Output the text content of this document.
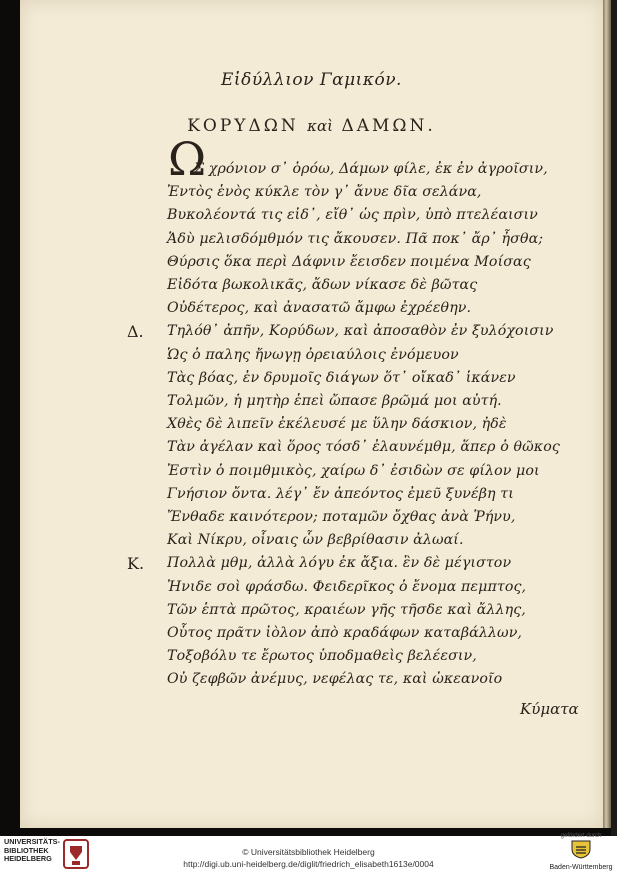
Εἰδύλλιον Γαμικόν.
ΚΟΡΥΔΩΝ καὶ ΔΑΜΩΝ.
Ω
Σ χρόνιον σ᾽ ὁρόω, Δάμων φίλε, ἐκ ἐν ἀγροῖσιν,
Ἐντὸς ἑνὸς κύκλε τὸν γ᾽ ἄνυε δῖα σελάνα,
Βυκολέοντά τις εἰδ᾽, εἴθ᾽ ὡς πρὶν, ὑπὸ πτελέαισιν
Ἁδὺ μελισδόμθμόν τις ἄκουσεν. Πᾶ ποκ᾽ ἄρ᾽ ἦσθα;
Θύρσις ὅκα περὶ Δάφνιν ἔεισδεν ποιμένα Μοίσας
Εἰδότα βωκολικᾶς, ἄδων νίκασε δὲ βῶτας
Οὐδέτερος, καὶ ἀνασατῶ ἄμφω ἐχρέεθην.
Δ. Τηλόθ᾽ ἀπῆν, Κορύδων, καὶ ἀποσαθὸν ἐν ξυλόχοισιν
Ὡς ὁ παλης ἤνωγῃ ὀρειαύλοις ἐνόμευον
Τὰς βόας, ἐν δρυμοῖς διάγων ὅτ᾽ οἴκαδ᾽ ἱκάνεν
Τολμῶν, ἡ μητὴρ ἐπεὶ ὤπασε βρῶμά μοι αὐτή.
Χθὲς δὲ λιπεῖν ἐκέλευσέ με ὕλην δάσκιον, ἠδὲ
Τὰν ἀγέλαν καὶ ὅρος τόσδ᾽ ἐλαυνέμθμ, ἅπερ ὁ θῶκος
Ἐστὶν ὁ ποιμθμικὸς, χαίρω δ᾽ ἐσιδὼν σε φίλον μοι
Γνήσιον ὄντα. λέγ᾽ ἔν ἀπεόντος ἐμεῦ ξυνέβη τι
Ἔνθαδε καινότερον; ποταμῶν ὄχθας ἀνὰ Ῥήνυ,
Καὶ Νίκρυ, οἷναις ὧν βεβρίθασιν ἀλωαί.
Κ. Πολλὰ μθμ, ἀλλὰ λόγυ ἐκ ἄξια. ἓν δὲ μέγιστον
Ἠνιδε σοὶ φράσδω. Φειδερῖκος ὁ ἔνομα πεμπτος,
Τῶν ἑπτὰ πρῶτος, κραιέων γῆς τῆσδε καὶ ἄλλης,
Οὗτος πρᾶτν ἰὸλον ἀπὸ κραδάφων καταβάλλων,
Τοξοβόλυ τε ἔρωτος ὑποδμαθεὶς βελέεσιν,
Οὐ ζεφβῶν ἀνέμυς, νεφέλας τε, καὶ ὠκεανοῖο
Κύματα
UNIVERSITÄTS-
BIBLIOTHEK
HEIDELBERG
© Universitätsbibliothek Heidelberg
http://digi.ub.uni-heidelberg.de/diglit/friedrich_elisabeth1613e/0004
gefördert durch
Baden-Württemberg
